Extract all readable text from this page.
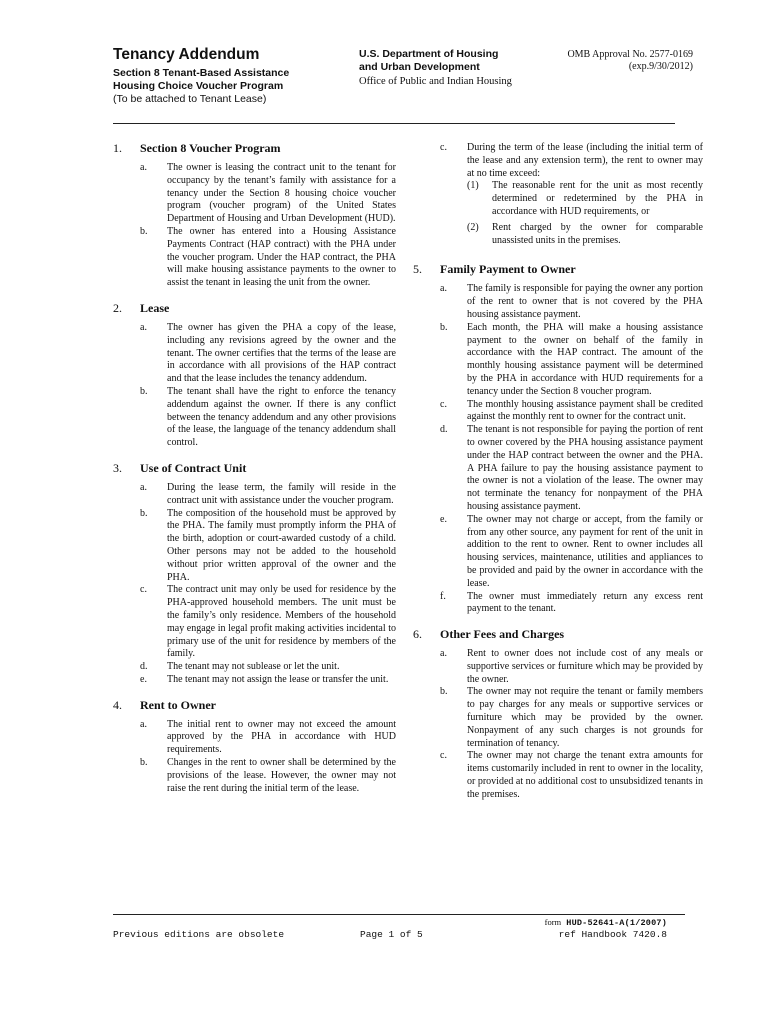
Tenancy Addendum
Section 8 Tenant-Based Assistance
Housing Choice Voucher Program
(To be attached to Tenant Lease)
U.S. Department of Housing
and Urban Development
Office of Public and Indian Housing
OMB Approval No. 2577-0169
(exp.9/30/2012)
1. Section 8 Voucher Program
a. The owner is leasing the contract unit to the tenant for occupancy by the tenant’s family with assistance for a tenancy under the Section 8 housing choice voucher program (voucher program) of the United States Department of Housing and Urban Development (HUD).
b. The owner has entered into a Housing Assistance Payments Contract (HAP contract) with the PHA under the voucher program. Under the HAP contract, the PHA will make housing assistance payments to the owner to assist the tenant in leasing the unit from the owner.
2. Lease
a. The owner has given the PHA a copy of the lease, including any revisions agreed by the owner and the tenant. The owner certifies that the terms of the lease are in accordance with all provisions of the HAP contract and that the lease includes the tenancy addendum.
b. The tenant shall have the right to enforce the tenancy addendum against the owner. If there is any conflict between the tenancy addendum and any other provisions of the lease, the language of the tenancy addendum shall control.
3. Use of Contract Unit
a. During the lease term, the family will reside in the contract unit with assistance under the voucher program.
b. The composition of the household must be approved by the PHA. The family must promptly inform the PHA of the birth, adoption or court-awarded custody of a child. Other persons may not be added to the household without prior written approval of the owner and the PHA.
c. The contract unit may only be used for residence by the PHA-approved household members. The unit must be the family’s only residence. Members of the household may engage in legal profit making activities incidental to primary use of the unit for residence by members of the family.
d. The tenant may not sublease or let the unit.
e. The tenant may not assign the lease or transfer the unit.
4. Rent to Owner
a. The initial rent to owner may not exceed the amount approved by the PHA in accordance with HUD requirements.
b. Changes in the rent to owner shall be determined by the provisions of the lease. However, the owner may not raise the rent during the initial term of the lease.
c. During the term of the lease (including the initial term of the lease and any extension term), the rent to owner may at no time exceed:
(1) The reasonable rent for the unit as most recently determined or redetermined by the PHA in accordance with HUD requirements, or
(2) Rent charged by the owner for comparable unassisted units in the premises.
5. Family Payment to Owner
a. The family is responsible for paying the owner any portion of the rent to owner that is not covered by the PHA housing assistance payment.
b. Each month, the PHA will make a housing assistance payment to the owner on behalf of the family in accordance with the HAP contract. The amount of the monthly housing assistance payment will be determined by the PHA in accordance with HUD requirements for a tenancy under the Section 8 voucher program.
c. The monthly housing assistance payment shall be credited against the monthly rent to owner for the contract unit.
d. The tenant is not responsible for paying the portion of rent to owner covered by the PHA housing assistance payment under the HAP contract between the owner and the PHA. A PHA failure to pay the housing assistance payment to the owner is not a violation of the lease. The owner may not terminate the tenancy for nonpayment of the PHA housing assistance payment.
e. The owner may not charge or accept, from the family or from any other source, any payment for rent of the unit in addition to the rent to owner. Rent to owner includes all housing services, maintenance, utilities and appliances to be provided and paid by the owner in accordance with the lease.
f. The owner must immediately return any excess rent payment to the tenant.
6. Other Fees and Charges
a. Rent to owner does not include cost of any meals or supportive services or furniture which may be provided by the owner.
b. The owner may not require the tenant or family members to pay charges for any meals or supportive services or furniture which may be provided by the owner. Nonpayment of any such charges is not grounds for termination of tenancy.
c. The owner may not charge the tenant extra amounts for items customarily included in rent to owner in the locality, or provided at no additional cost to unsubsidized tenants in the premises.
form HUD-52641-A(1/2007)
Previous editions are obsolete	Page 1 of 5	ref Handbook 7420.8
